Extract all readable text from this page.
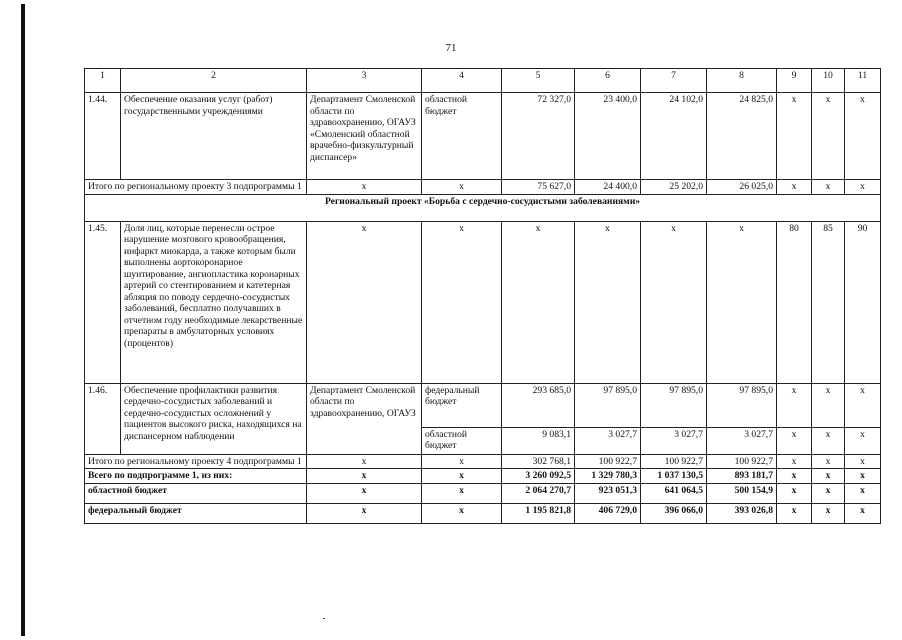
71
1	2	3	4	5	6	7	8	9	10	11
1.44.	Обеспечение оказания услуг (работ) государственными учреждениями	Департамент Смоленской области по здравоохранению, ОГАУЗ «Смоленский областной врачебно-физкультурный диспансер»	областной бюджет	72 327,0	23 400,0	24 102,0	24 825,0	х	х	х
Итого по региональному проекту 3 подпрограммы 1		х	х	75 627,0	24 400,0	25 202,0	26 025,0	х	х	х
Региональный проект «Борьба с сердечно-сосудистыми заболеваниями»										
1.45.	Доля лиц, которые перенесли острое нарушение мозгового кровообращения, инфаркт миокарда, а также которым были выполнены аортокоронарное шунтирование, ангиопластика коронарных артерий со стентированием и катетерная абляция по поводу сердечно-сосудистых заболеваний, бесплатно получавших в отчетном году необходимые лекарственные препараты в амбулаторных условиях (процентов)	х	х	х	х	х	х	80	85	90
1.46.	Обеспечение профилактики развития сердечно-сосудистых заболеваний и сердечно-сосудистых осложнений у пациентов высокого риска, находящихся на диспансерном наблюдении	Департамент Смоленской области по здравоохранению, ОГАУЗ	федеральный бюджет	293 685,0	97 895,0	97 895,0	97 895,0	х	х	х
			областной бюджет	9 083,1	3 027,7	3 027,7	3 027,7	х	х	х
Итого по региональному проекту 4 подпрограммы 1		х	х	302 768,1	100 922,7	100 922,7	100 922,7	х	х	х
Всего по подпрограмме 1, из них:		х	х	3 260 092,5	1 329 780,3	1 037 130,5	893 181,7	х	х	х
областной бюджет		х	х	2 064 270,7	923 051,3	641 064,5	500 154,9	х	х	х
федеральный бюджет		х	х	1 195 821,8	406 729,0	396 066,0	393 026,8	х	х	х
